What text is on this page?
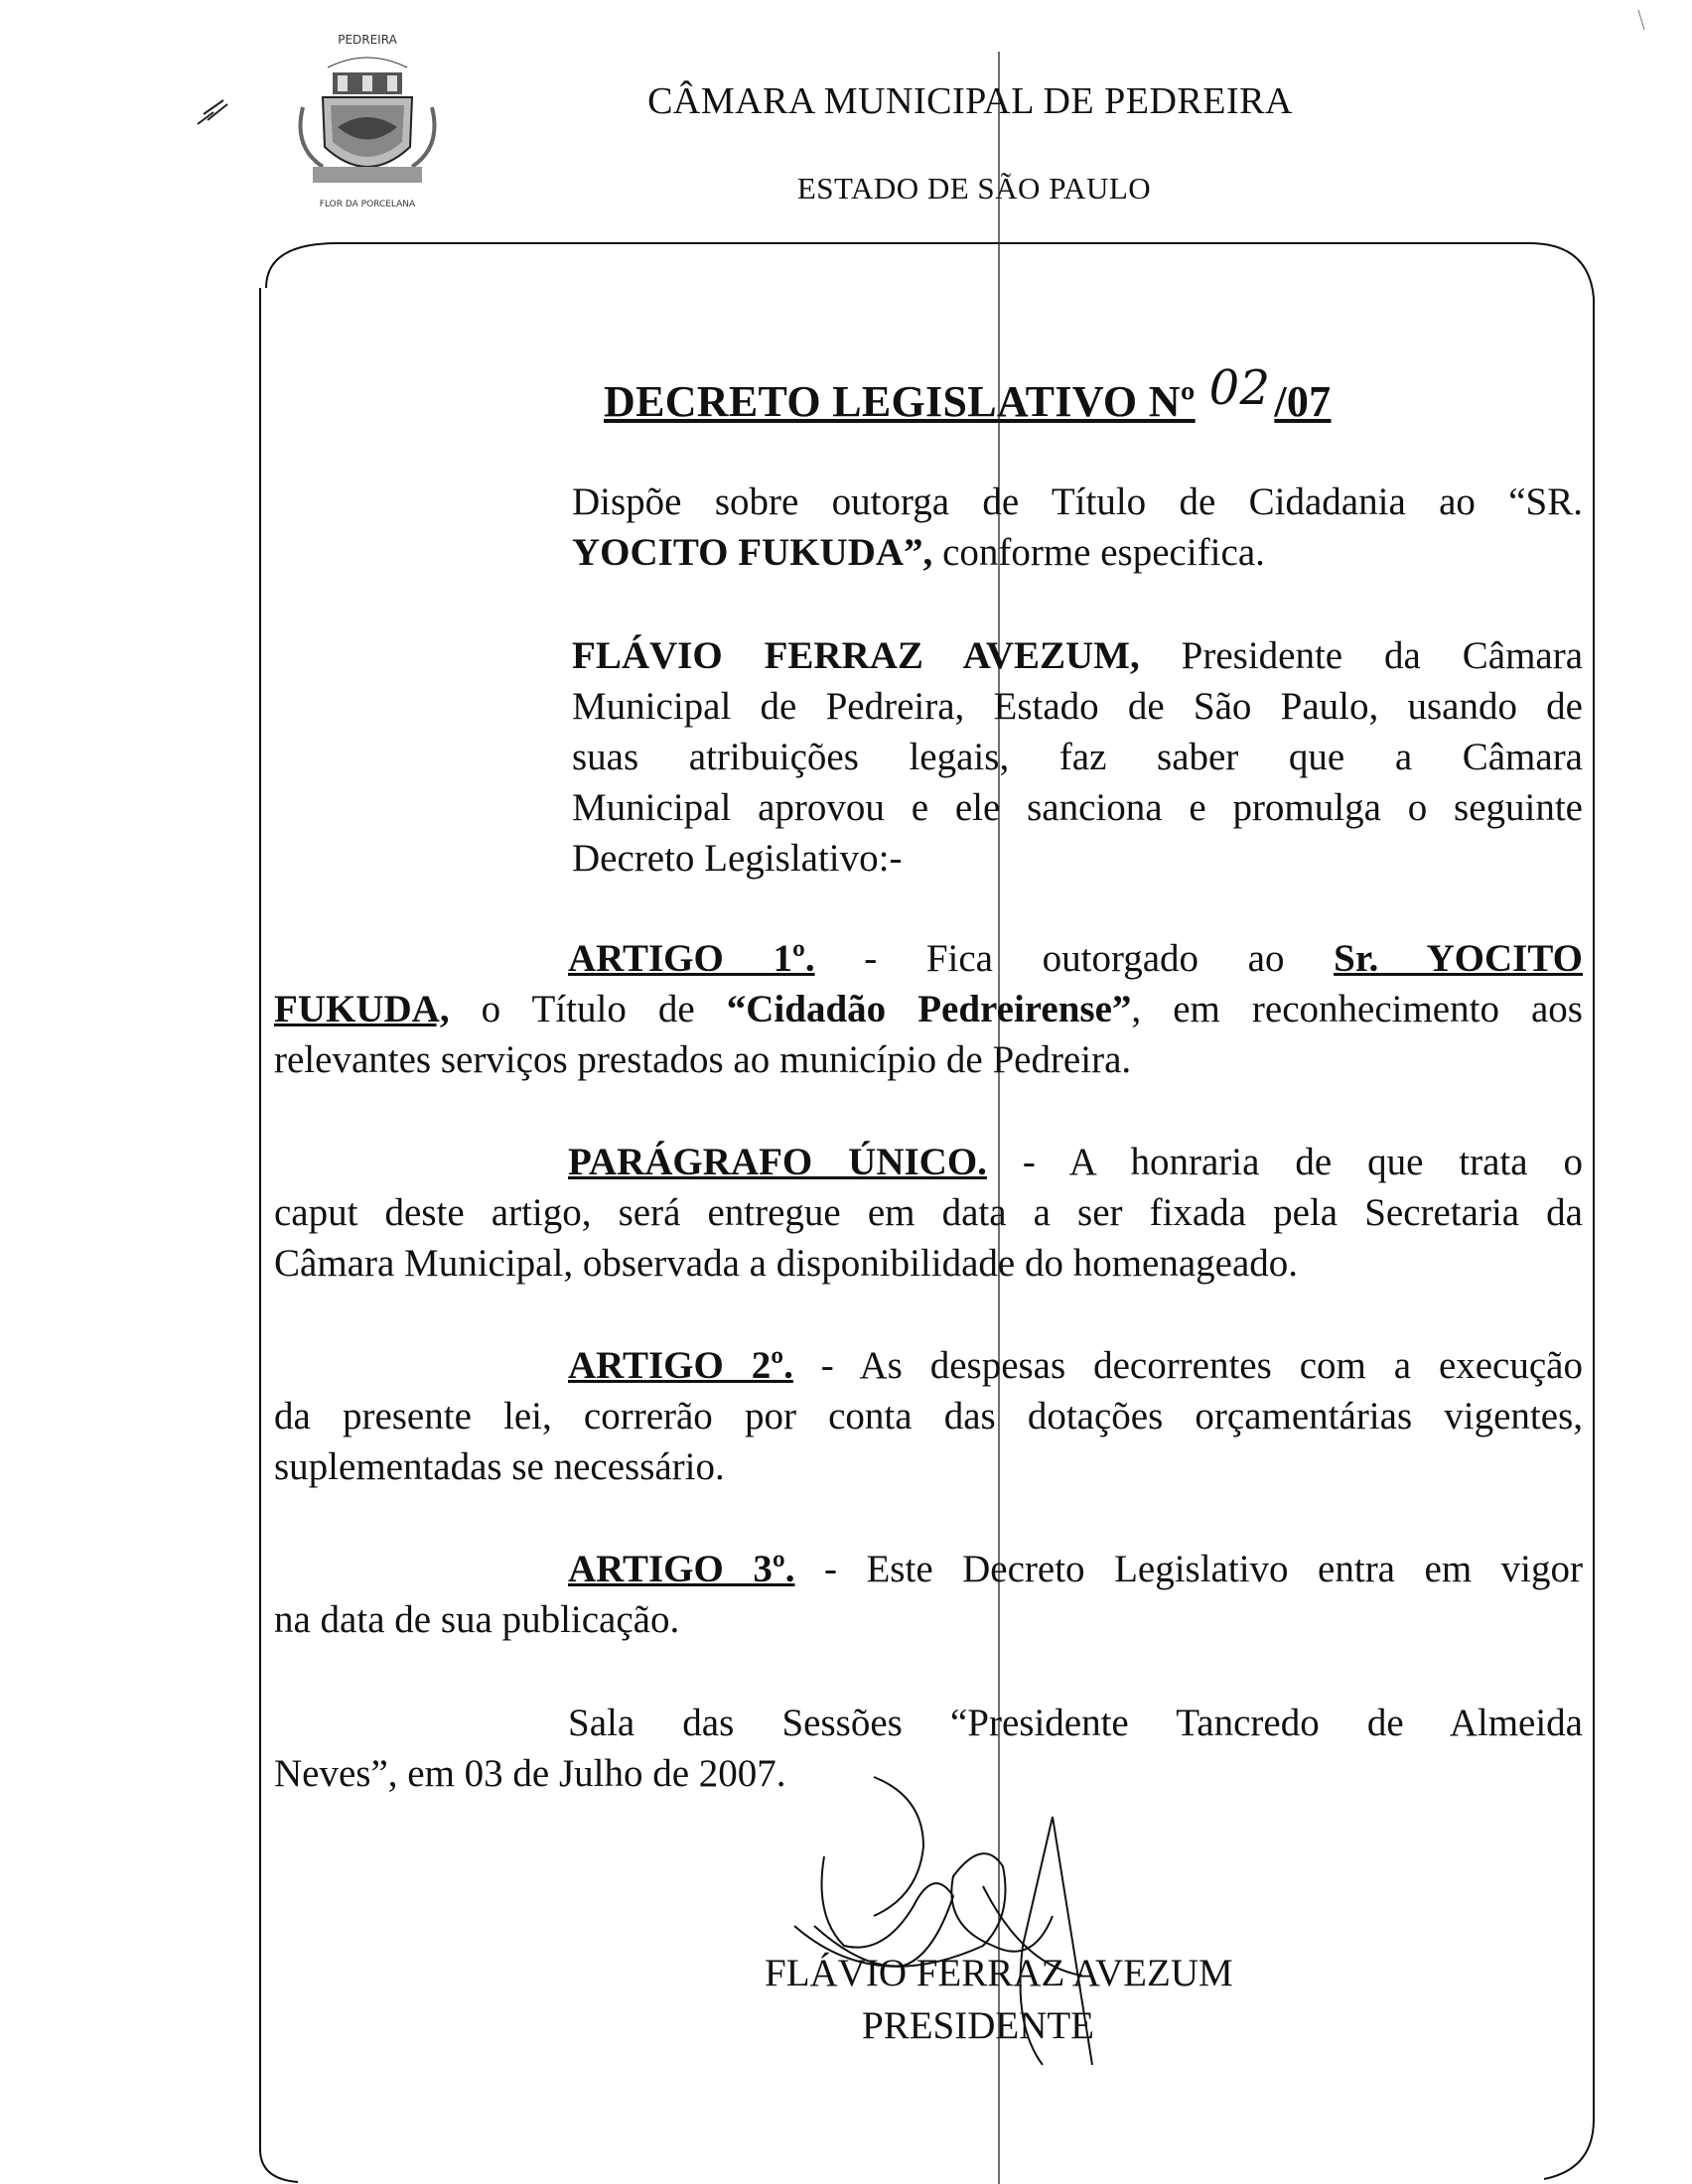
FLOR DA PORCELANA
PEDREIRA
CÂMARA MUNICIPAL DE PEDREIRA
ESTADO DE SÃO PAULO
DECRETO LEGISLATIVO Nº 02/07
Dispõe sobre outorga de Título de Cidadania ao “SR.
YOCITO FUKUDA”, conforme especifica.
FLÁVIO FERRAZ AVEZUM, Presidente da Câmara
Municipal de Pedreira, Estado de São Paulo, usando de
suas atribuições legais, faz saber que a Câmara
Municipal aprovou e ele sanciona e promulga o seguinte
Decreto Legislativo:-
ARTIGO 1º. - Fica outorgado ao Sr. YOCITO
FUKUDA, o Título de “Cidadão Pedreirense”, em reconhecimento aos
relevantes serviços prestados ao município de Pedreira.
PARÁGRAFO ÚNICO. - A honraria de que trata o
caput deste artigo, será entregue em data a ser fixada pela Secretaria da
Câmara Municipal, observada a disponibilidade do homenageado.
ARTIGO 2º. - As despesas decorrentes com a execução
da presente lei, correrão por conta das dotações orçamentárias vigentes,
suplementadas se necessário.
ARTIGO 3º. - Este Decreto Legislativo entra em vigor
na data de sua publicação.
Sala das Sessões “Presidente Tancredo de Almeida
Neves”, em 03 de Julho de 2007.
FLÁVIO FERRAZ AVEZUM
PRESIDENTE
